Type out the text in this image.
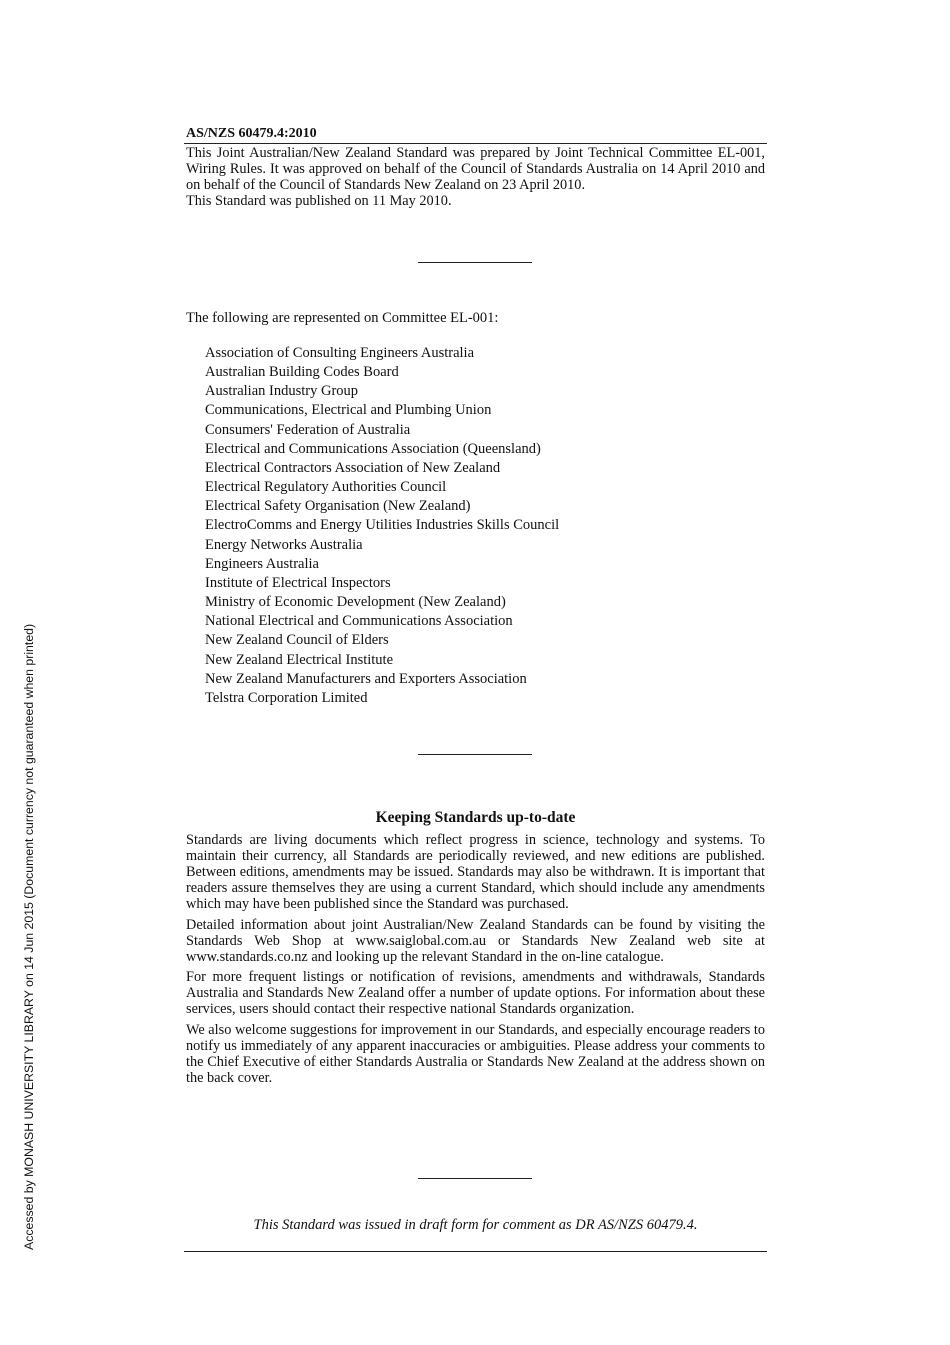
Accessed by MONASH UNIVERSITY LIBRARY on 14 Jun 2015 (Document currency not guaranteed when printed)
AS/NZS 60479.4:2010

This Joint Australian/New Zealand Standard was prepared by Joint Technical Committee EL-001, Wiring Rules. It was approved on behalf of the Council of Standards Australia on 14 April 2010 and on behalf of the Council of Standards New Zealand on 23 April 2010.

This Standard was published on 11 May 2010.

The following are represented on Committee EL-001:
Association of Consulting Engineers Australia
Australian Building Codes Board
Australian Industry Group
Communications, Electrical and Plumbing Union
Consumers' Federation of Australia
Electrical and Communications Association (Queensland)
Electrical Contractors Association of New Zealand
Electrical Regulatory Authorities Council
Electrical Safety Organisation (New Zealand)
ElectroComms and Energy Utilities Industries Skills Council
Energy Networks Australia
Engineers Australia
Institute of Electrical Inspectors
Ministry of Economic Development (New Zealand)
National Electrical and Communications Association
New Zealand Council of Elders
New Zealand Electrical Institute
New Zealand Manufacturers and Exporters Association
Telstra Corporation Limited
Keeping Standards up-to-date

Standards are living documents which reflect progress in science, technology and systems. To maintain their currency, all Standards are periodically reviewed, and new editions are published. Between editions, amendments may be issued. Standards may also be withdrawn. It is important that readers assure themselves they are using a current Standard, which should include any amendments which may have been published since the Standard was purchased.

Detailed information about joint Australian/New Zealand Standards can be found by visiting the Standards Web Shop at www.saiglobal.com.au or Standards New Zealand web site at www.standards.co.nz and looking up the relevant Standard in the on-line catalogue.

For more frequent listings or notification of revisions, amendments and withdrawals, Standards Australia and Standards New Zealand offer a number of update options. For information about these services, users should contact their respective national Standards organization.

We also welcome suggestions for improvement in our Standards, and especially encourage readers to notify us immediately of any apparent inaccuracies or ambiguities. Please address your comments to the Chief Executive of either Standards Australia or Standards New Zealand at the address shown on the back cover.

This Standard was issued in draft form for comment as DR AS/NZS 60479.4.
